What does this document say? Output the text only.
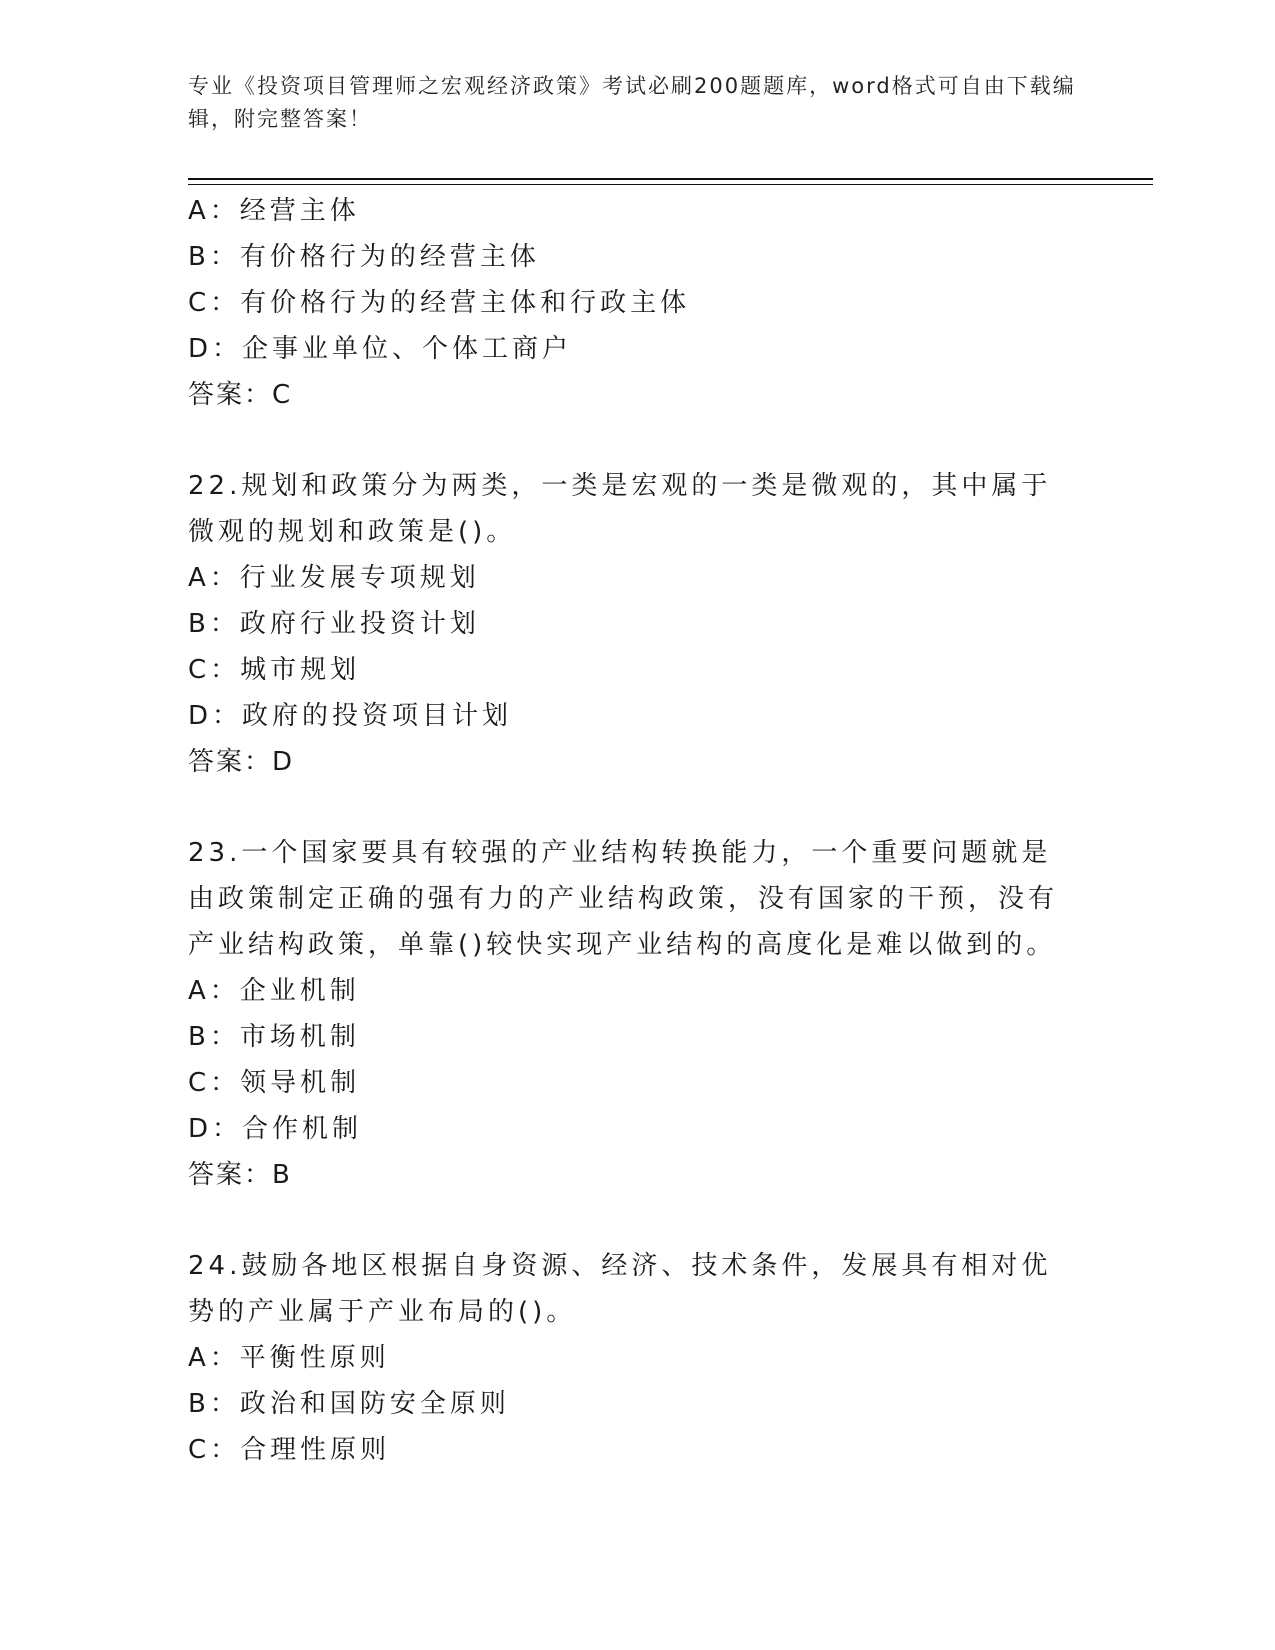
专业《投资项目管理师之宏观经济政策》考试必刷200题题库，word格式可自由下载编辑，附完整答案！
A：经营主体
B：有价格行为的经营主体
C：有价格行为的经营主体和行政主体
D：企事业单位、个体工商户
答案：C
22.规划和政策分为两类，一类是宏观的一类是微观的，其中属于微观的规划和政策是()。
A：行业发展专项规划
B：政府行业投资计划
C：城市规划
D：政府的投资项目计划
答案：D
23.一个国家要具有较强的产业结构转换能力，一个重要问题就是由政策制定正确的强有力的产业结构政策，没有国家的干预，没有产业结构政策，单靠()较快实现产业结构的高度化是难以做到的。
A：企业机制
B：市场机制
C：领导机制
D：合作机制
答案：B
24.鼓励各地区根据自身资源、经济、技术条件，发展具有相对优势的产业属于产业布局的()。
A：平衡性原则
B：政治和国防安全原则
C：合理性原则
